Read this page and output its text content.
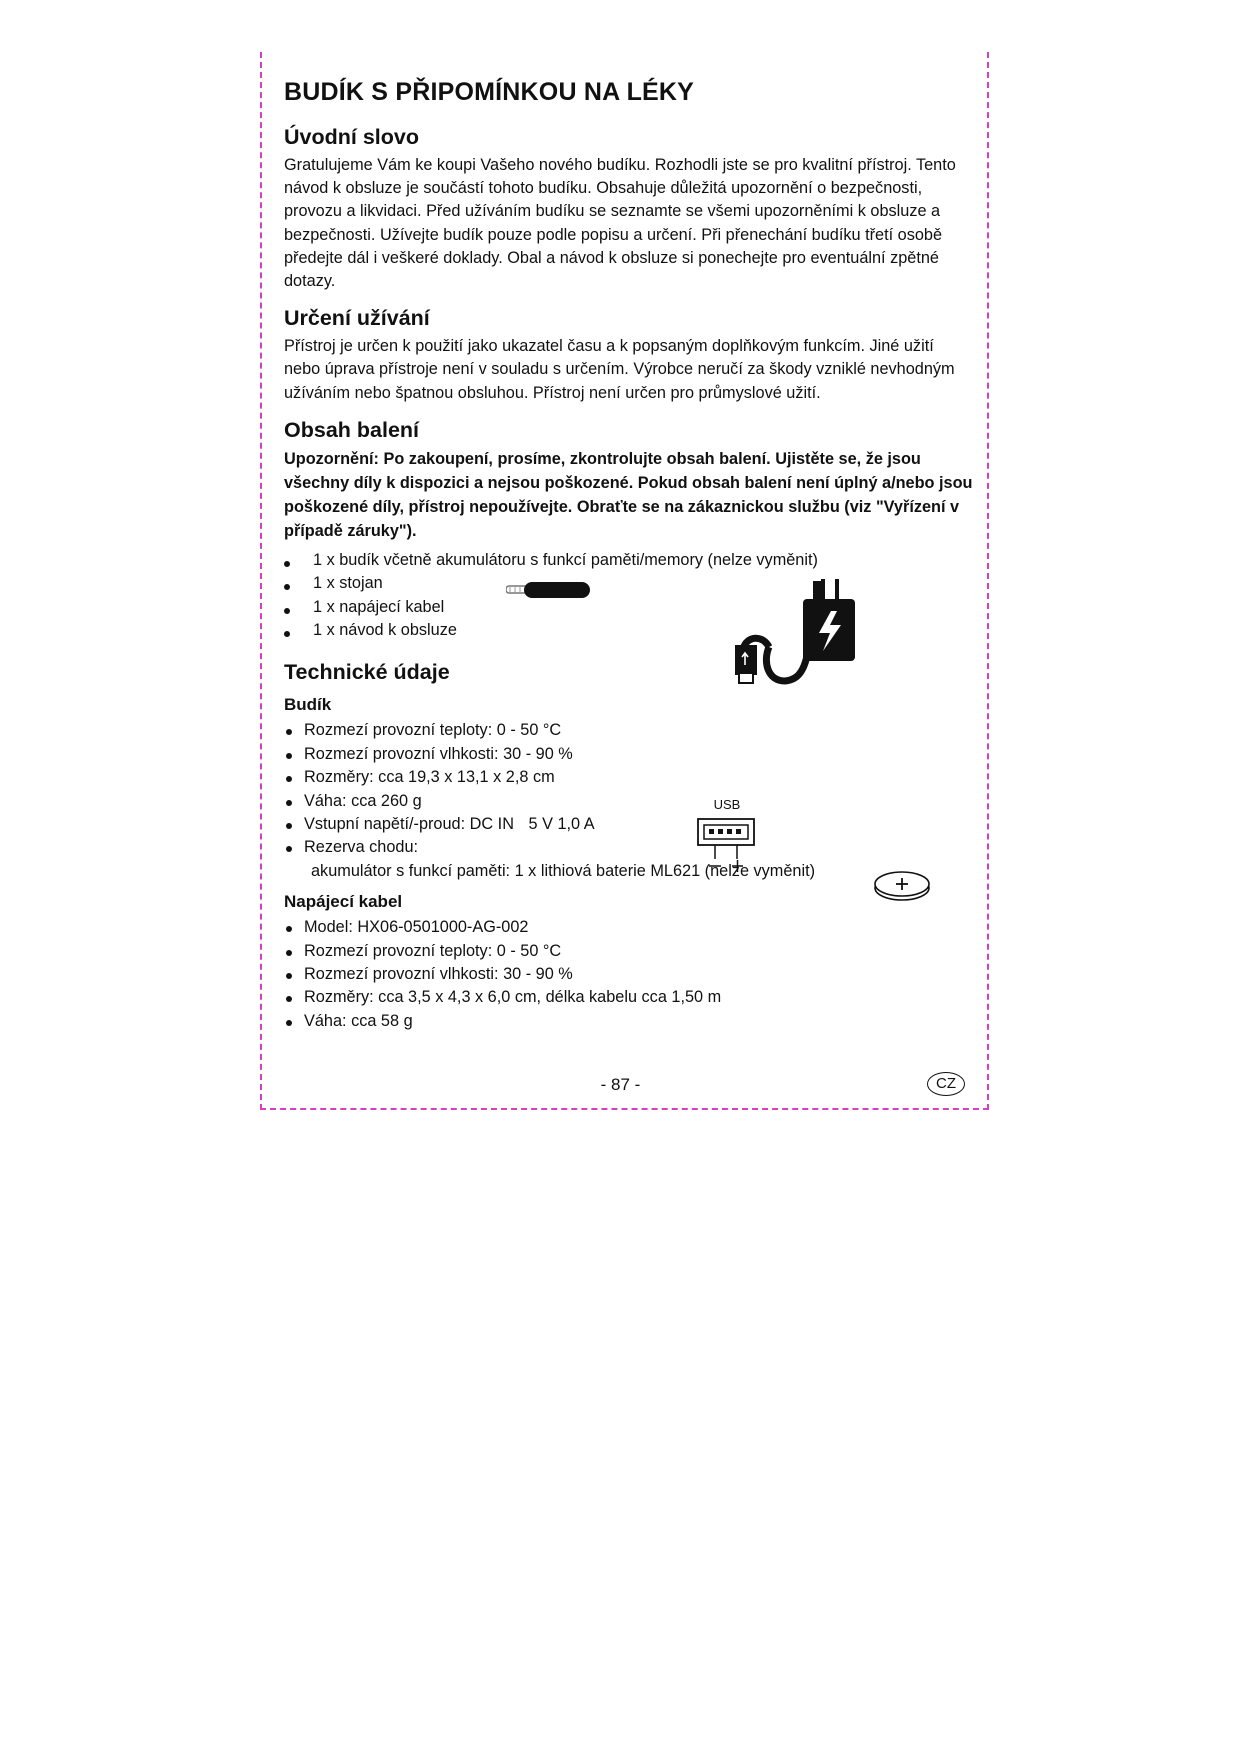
BUDÍK S PŘIPOMÍNKOU NA LÉKY
Úvodní slovo

Gratulujeme Vám ke koupi Vašeho nového budíku. Rozhodli jste se pro kvalitní přístroj. Tento návod k obsluze je součástí tohoto budíku. Obsahuje důležitá upozornění o bezpečnosti, provozu a likvidaci. Před užíváním budíku se seznamte se všemi upozorněními k obsluze a bezpečnosti. Užívejte budík pouze podle popisu a určení. Při přenechání budíku třetí osobě předejte dál i veškeré doklady. Obal a návod k obsluze si ponechejte pro eventuální zpětné dotazy.

Určení užívání

Přístroj je určen k použití jako ukazatel času a k popsaným doplňkovým funkcím. Jiné užití nebo úprava přístroje není v souladu s určením. Výrobce neručí za škody vzniklé nevhodným užíváním nebo špatnou obsluhou. Přístroj není určen pro průmyslové užití.

Obsah balení

Upozornění: Po zakoupení, prosíme, zkontrolujte obsah balení. Ujistěte se, že jsou všechny díly k dispozici a nejsou poškozené. Pokud obsah balení není úplný a/nebo jsou poškozené díly, přístroj nepoužívejte. Obraťte se na zákaznickou službu (viz "Vyřízení v případě záruky").

1 x budík včetně akumulátoru s funkcí paměti/memory (nelze vyměnit)
1 x stojan
1 x napájecí kabel
1 x návod k obsluze
Technické údaje
Budík
Rozmezí provozní teploty: 0 - 50 °C
Rozmezí provozní vlhkosti: 30 - 90 %
Rozměry: cca 19,3 x 13,1 x 2,8 cm
Váha: cca 260 g
Vstupní napětí/-proud: DC IN 5 V 1,0 A
Rezerva chodu:

akumulátor s funkcí paměti: 1 x lithiová baterie ML621 (nelze vyměnit)

Napájecí kabel
Model: HX06-0501000-AG-002
Rozmezí provozní teploty: 0 - 50 °C
Rozmezí provozní vlhkosti: 30 - 90 %
Rozměry: cca 3,5 x 4,3 x 6,0 cm, délka kabelu cca 1,50 m
Váha: cca 58 g
USB
- 87 -	CZ
